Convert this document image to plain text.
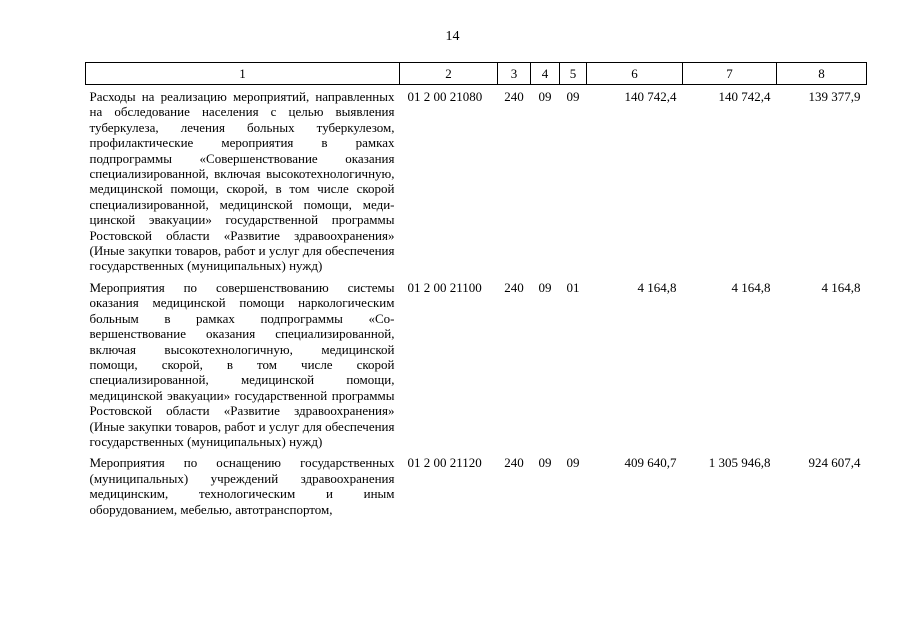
14
1	2	3	4	5	6	7	8
Расходы на реализацию мероприятий, направленных на обследование населения с целью выявления туберкулеза, лечения больных туберкулезом, профилактические мероприятия в рамках подпрограммы «Совершенствование оказания специализированной, включая высокотехнологичную, медицинской помощи, скорой, в том числе скорой специализированной, медицинской помощи, медицинской эвакуации» государственной программы Ростовской области «Развитие здравоохранения» (Иные закупки товаров, работ и услуг для обеспечения государственных (муниципальных) нужд)	01 2 00 21080	240	09	09	140 742,4	140 742,4	139 377,9
Мероприятия по совершенствованию системы оказания медицинской помощи наркологическим больным в рамках подпрограммы «Совершенствование оказания специализированной, включая высокотехнологичную, медицинской помощи, скорой, в том числе скорой специализированной, медицинской помощи, медицинской эвакуации» государственной программы Ростовской области «Развитие здравоохранения» (Иные закупки товаров, работ и услуг для обеспечения государственных (муниципальных) нужд)	01 2 00 21100	240	09	01	4 164,8	4 164,8	4 164,8
Мероприятия по оснащению государственных (муниципальных) учреждений здравоохранения медицинским, технологическим и иным оборудованием, мебелью, автотранспортом,	01 2 00 21120	240	09	09	409 640,7	1 305 946,8	924 607,4
